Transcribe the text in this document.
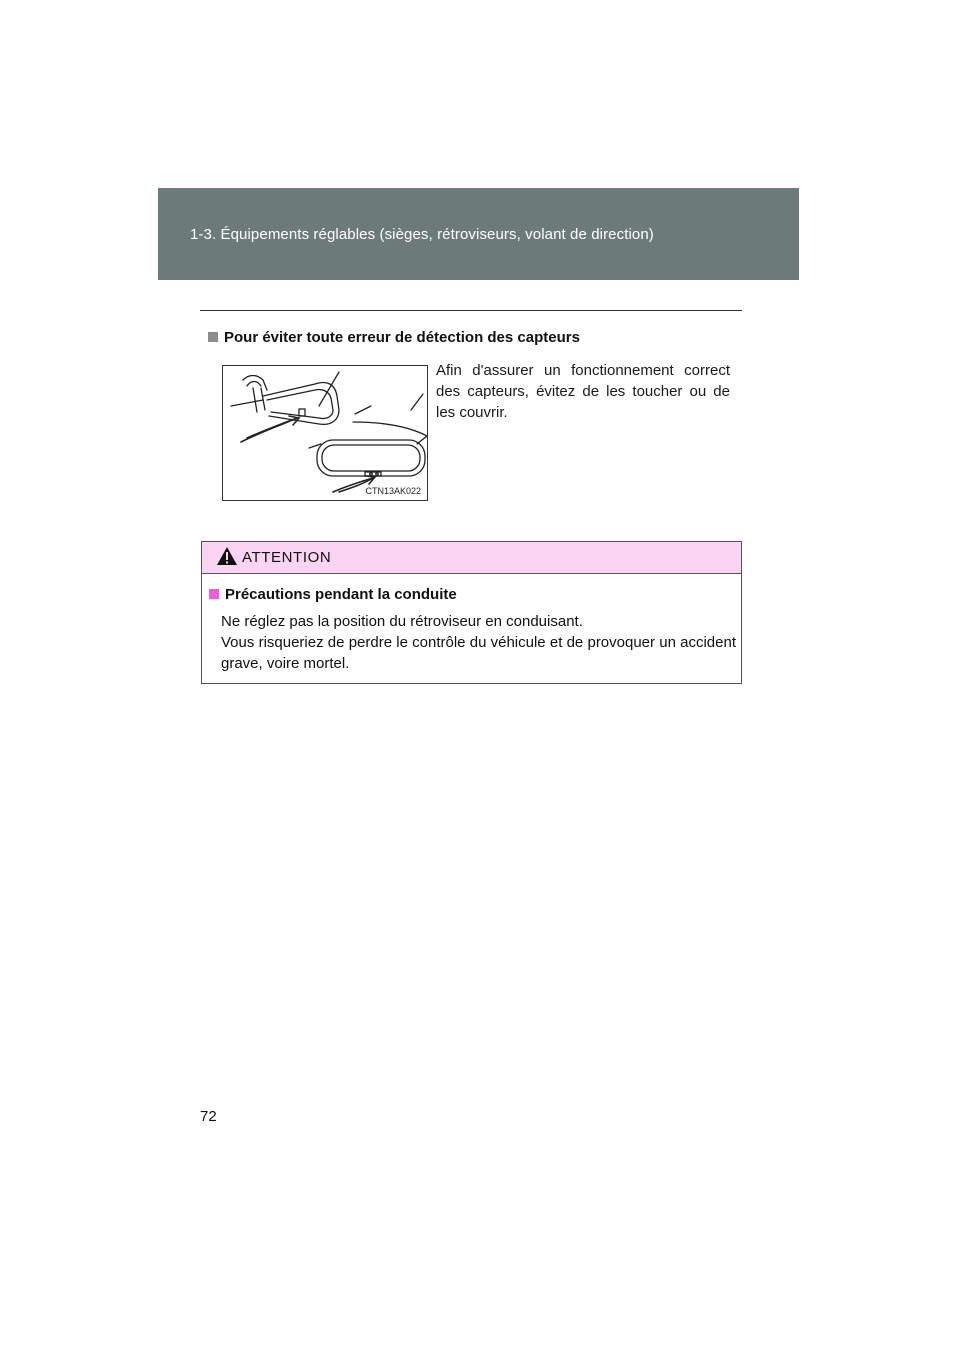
1-3. Équipements réglables (sièges, rétroviseurs, volant de direction)
Pour éviter toute erreur de détection des capteurs
CTN13AK022
Afin d'assurer un fonctionnement correct des capteurs, évitez de les toucher ou de les couvrir.
ATTENTION
Précautions pendant la conduite

Ne réglez pas la position du rétroviseur en conduisant.

Vous risqueriez de perdre le contrôle du véhicule et de provoquer un accident grave, voire mortel.

72
